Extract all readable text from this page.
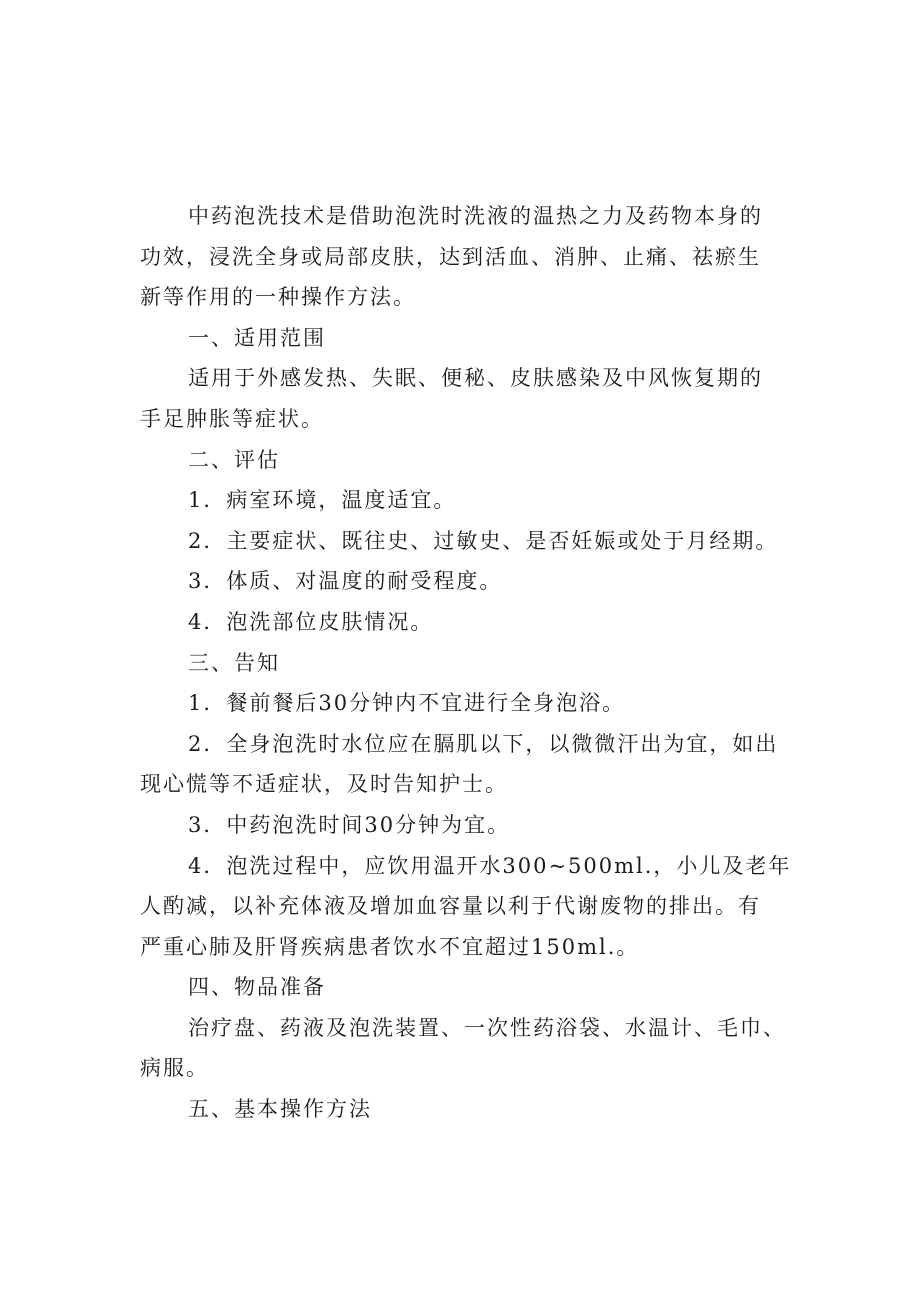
中药泡洗技术是借助泡洗时洗液的温热之力及药物本身的
功效，浸洗全身或局部皮肤，达到活血、消肿、止痛、祛瘀生
新等作用的一种操作方法。
一、适用范围
适用于外感发热、失眠、便秘、皮肤感染及中风恢复期的
手足肿胀等症状。
二、评估
1．病室环境，温度适宜。
2．主要症状、既往史、过敏史、是否妊娠或处于月经期。
3．体质、对温度的耐受程度。
4．泡洗部位皮肤情况。
三、告知
1．餐前餐后30分钟内不宜进行全身泡浴。
2．全身泡洗时水位应在膈肌以下，以微微汗出为宜，如出
现心慌等不适症状，及时告知护士。
3．中药泡洗时间30分钟为宜。
4．泡洗过程中，应饮用温开水300~500ml.，小儿及老年
人酌减，以补充体液及增加血容量以利于代谢废物的排出。有
严重心肺及肝肾疾病患者饮水不宜超过150ml.。
四、物品准备
治疗盘、药液及泡洗装置、一次性药浴袋、水温计、毛巾、
病服。
五、基本操作方法
